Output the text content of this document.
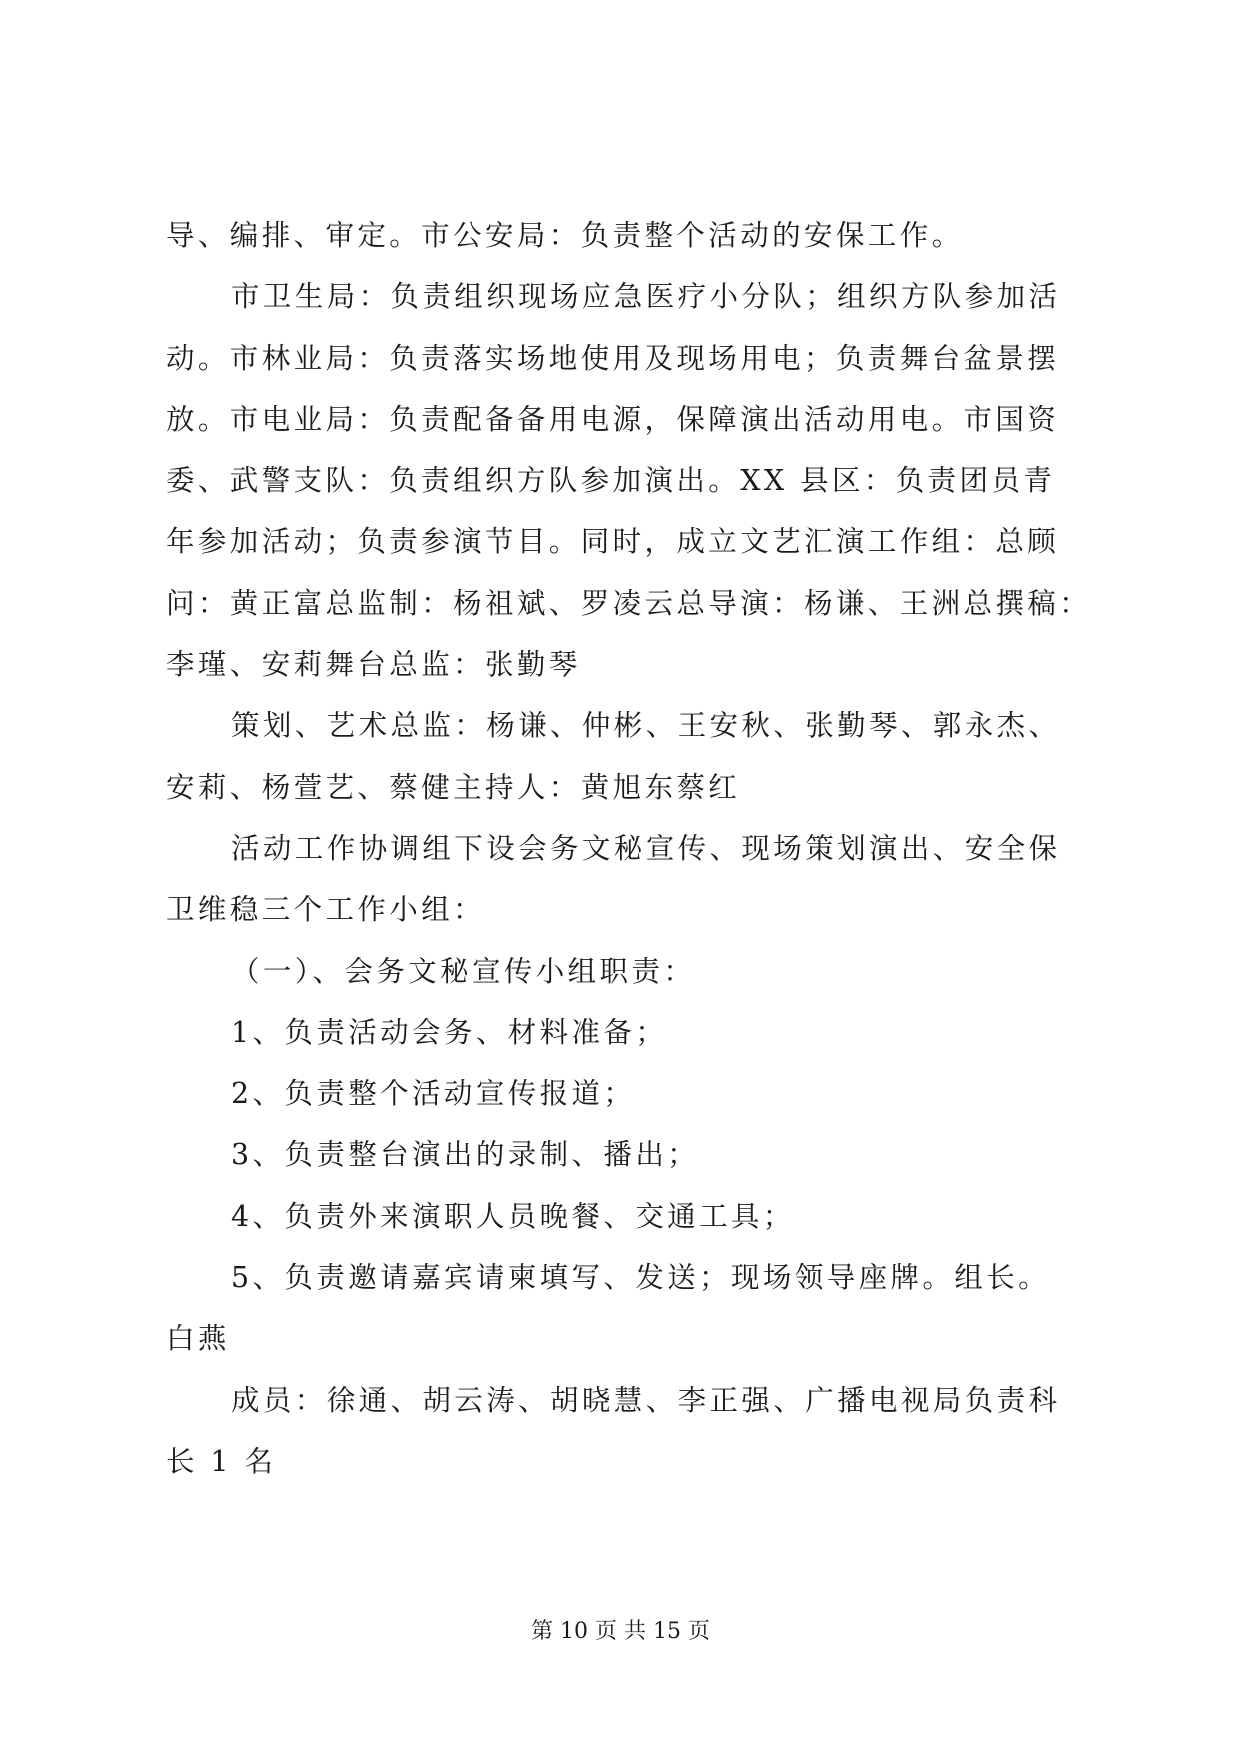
导、编排、审定。市公安局：负责整个活动的安保工作。
市卫生局：负责组织现场应急医疗小分队；组织方队参加活
动。市林业局：负责落实场地使用及现场用电；负责舞台盆景摆
放。市电业局：负责配备备用电源，保障演出活动用电。市国资
委、武警支队：负责组织方队参加演出。XX 县区：负责团员青
年参加活动；负责参演节目。同时，成立文艺汇演工作组：总顾
问：黄正富总监制：杨祖斌、罗凌云总导演：杨谦、王洲总撰稿：
李瑾、安莉舞台总监：张勤琴
策划、艺术总监：杨谦、仲彬、王安秋、张勤琴、郭永杰、
安莉、杨萱艺、蔡健主持人：黄旭东蔡红
活动工作协调组下设会务文秘宣传、现场策划演出、安全保
卫维稳三个工作小组：
（一）、会务文秘宣传小组职责：
1、负责活动会务、材料准备；
2、负责整个活动宣传报道；
3、负责整台演出的录制、播出；
4、负责外来演职人员晚餐、交通工具；
5、负责邀请嘉宾请柬填写、发送；现场领导座牌。组长。
白燕
成员：徐通、胡云涛、胡晓慧、李正强、广播电视局负责科
长 1 名
第 10 页 共 15 页
